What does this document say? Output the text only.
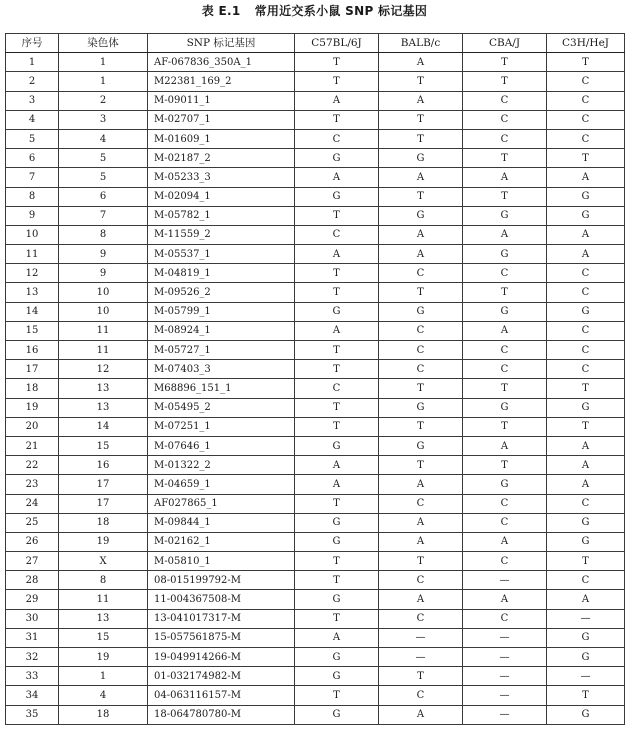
表 E.1 常用近交系小鼠 SNP 标记基因
序号	染色体	SNP 标记基因	C57BL/6J	BALB/c	CBA/J	C3H/HeJ
1	1	AF-067836_350A_1	T	A	T	T
2	1	M22381_169_2	T	T	T	C
3	2	M-09011_1	A	A	C	C
4	3	M-02707_1	T	T	C	C
5	4	M-01609_1	C	T	C	C
6	5	M-02187_2	G	G	T	T
7	5	M-05233_3	A	A	A	A
8	6	M-02094_1	G	T	T	G
9	7	M-05782_1	T	G	G	G
10	8	M-11559_2	C	A	A	A
11	9	M-05537_1	A	A	G	A
12	9	M-04819_1	T	C	C	C
13	10	M-09526_2	T	T	T	C
14	10	M-05799_1	G	G	G	G
15	11	M-08924_1	A	C	A	C
16	11	M-05727_1	T	C	C	C
17	12	M-07403_3	T	C	C	C
18	13	M68896_151_1	C	T	T	T
19	13	M-05495_2	T	G	G	G
20	14	M-07251_1	T	T	T	T
21	15	M-07646_1	G	G	A	A
22	16	M-01322_2	A	T	T	A
23	17	M-04659_1	A	A	G	A
24	17	AF027865_1	T	C	C	C
25	18	M-09844_1	G	A	C	G
26	19	M-02162_1	G	A	A	G
27	X	M-05810_1	T	T	C	T
28	8	08-015199792-M	T	C	—	C
29	11	11-004367508-M	G	A	A	A
30	13	13-041017317-M	T	C	C	—
31	15	15-057561875-M	A	—	—	G
32	19	19-049914266-M	G	—	—	G
33	1	01-032174982-M	G	T	—	—
34	4	04-063116157-M	T	C	—	T
35	18	18-064780780-M	G	A	—	G
